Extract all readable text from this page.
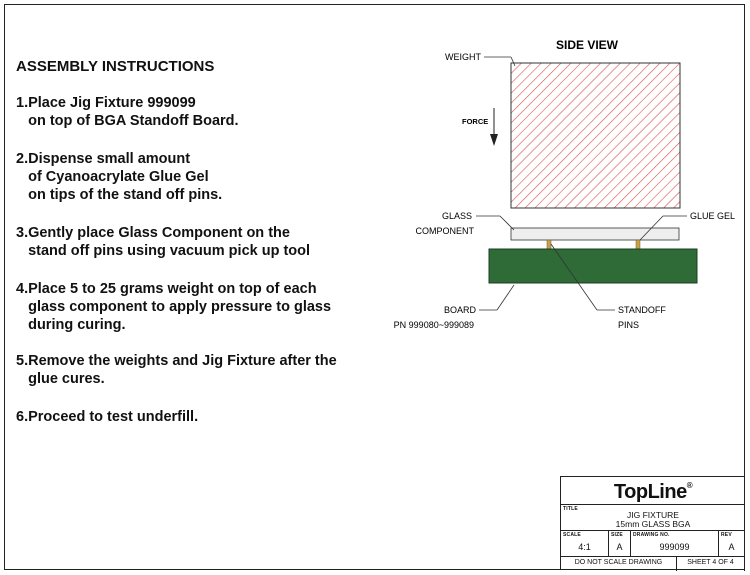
ASSEMBLY INSTRUCTIONS
1.Place Jig Fixture 999099
on top of BGA Standoff Board.
2.Dispense small amount
of Cyanoacrylate Glue Gel
on tips of the stand off pins.
3.Gently place Glass Component on the
stand off pins using vacuum pick up tool
4.Place 5 to 25 grams weight on top of each
glass component to apply pressure to glass
during curing.
5.Remove the weights and Jig Fixture after the
glue cures.
6.Proceed to test underfill.
SIDE VIEW
WEIGHT
FORCE
GLASS
COMPONENT
GLUE GEL
BOARD
PN 999080~999089
STANDOFF
PINS
TopLine®
TITLE
JIG FIXTURE
15mm GLASS BGA
SCALE
4:1
SIZE
A
DRAWING NO.
999099
REV
A
DO NOT SCALE DRAWING	SHEET 4 OF 4
